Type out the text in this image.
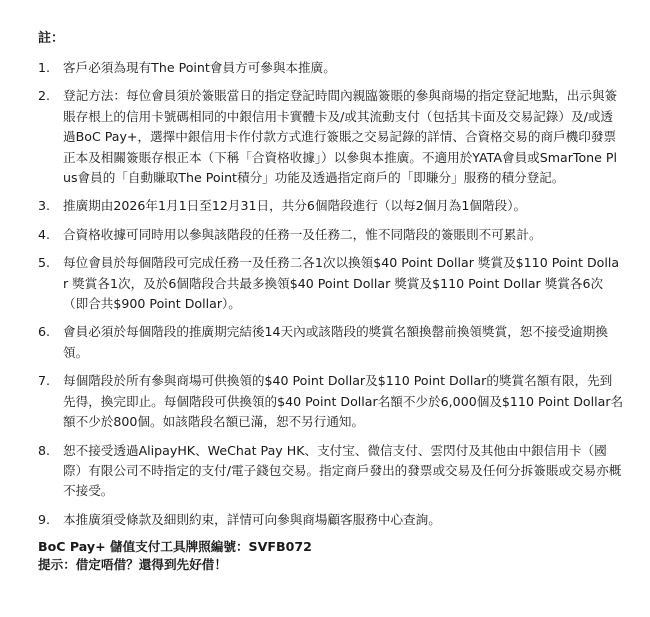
註：
1.	客戶必須為現有The Point會員方可參與本推廣。
2.	登記方法：每位會員須於簽賬當日的指定登記時間內親臨簽賬的參與商場的指定登記地點，出示與簽賬存根上的信用卡號碼相同的中銀信用卡實體卡及/或其流動支付（包括其卡面及交易記錄）及/或透過BoC Pay+，選擇中銀信用卡作付款方式進行簽賬之交易記錄的詳情、合資格交易的商戶機印發票正本及相關簽賬存根正本（下稱「合資格收據」）以參與本推廣。不適用於YATA會員或SmarTone Plus會員的「自動賺取The Point積分」功能及透過指定商戶的「即賺分」服務的積分登記。
3.	推廣期由2026年1月1日至12月31日，共分6個階段進行（以每2個月為1個階段）。
4.	合資格收據可同時用以參與該階段的任務一及任務二，惟不同階段的簽賬則不可累計。
5.	每位會員於每個階段可完成任務一及任務二各1次以換領$40 Point Dollar 獎賞及$110 Point Dollar 獎賞各1次，及於6個階段合共最多換領$40 Point Dollar 獎賞及$110 Point Dollar 獎賞各6次（即合共$900 Point Dollar）。
6.	會員必須於每個階段的推廣期完結後14天內或該階段的獎賞名額換罄前換領獎賞，恕不接受逾期換領。
7.	每個階段於所有參與商場可供換領的$40 Point Dollar及$110 Point Dollar的獎賞名額有限，先到先得，換完即止。每個階段可供換領的$40 Point Dollar名額不少於6,000個及$110 Point Dollar名額不少於800個。如該階段名額已滿，恕不另行通知。
8.	恕不接受透過AlipayHK、WeChat Pay HK、支付宝、微信支付、雲閃付及其他由中銀信用卡（國際）有限公司不時指定的支付/電子錢包交易。指定商戶發出的發票或交易及任何分拆簽賬或交易亦概不接受。
9.	本推廣須受條款及細則約束，詳情可向參與商場顧客服務中心查詢。
BoC Pay+ 儲值支付工具牌照編號：SVFB072
提示：借定唔借？還得到先好借！
